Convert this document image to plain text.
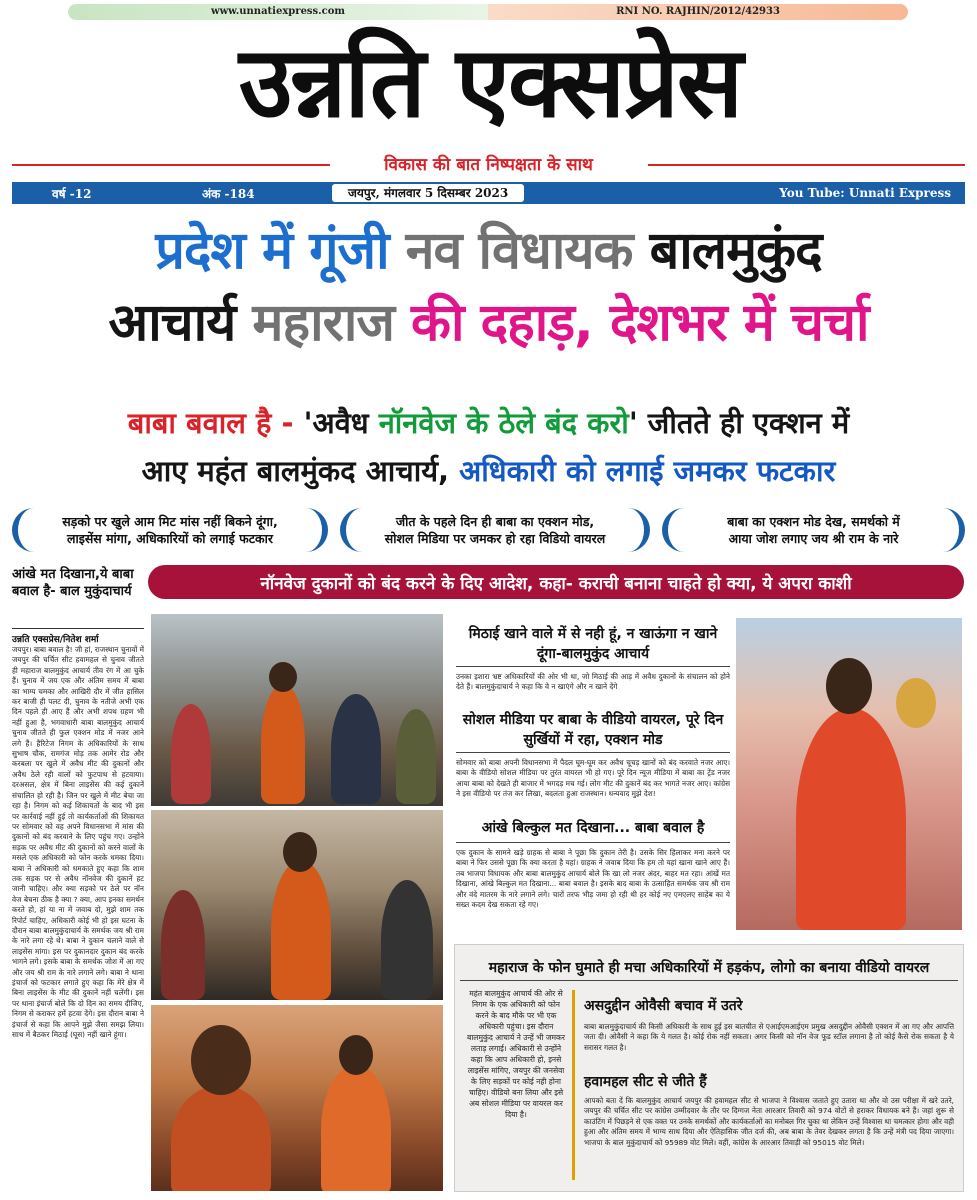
www.unnatiexpress.com	RNI NO. RAJHIN/2012/42933
उन्नति एक्सप्रेस
विकास की बात निष्पक्षता के साथ
वर्ष -12	अंक -184	जयपुर, मंगलवार 5 दिसम्बर 2023	You Tube: Unnati Express
प्रदेश में गूंजी नव विधायक बालमुकुंद
आचार्य महाराज की दहाड़, देशभर में चर्चा
बाबा बवाल है - 'अवैध नॉनवेज के ठेले बंद करो' जीतते ही एक्शन में
आए महंत बालमुंकद आचार्य, अधिकारी को लगाई जमकर फटकार
सड़को पर खुले आम मिट मांस नहीं बिकने दूंगा,
लाइसेंस मांगा, अधिकारियों को लगाई फटकार
जीत के पहले दिन ही बाबा का एक्शन मोड,
सोशल मिडिया पर जमकर हो रहा विडियो वायरल
बाबा का एक्शन मोड देख, समर्थको में
आया जोश लगाए जय श्री राम के नारे
आंखे मत दिखाना,ये बाबा बवाल है- बाल मुकुंदाचार्य
उन्नति एक्सप्रेस/नितेश शर्मा
जयपुर। बाबा बवाल है! जी हां, राजस्थान चुनावों में जयपुर की चर्चित सीट हवामहल से चुनाव जीतते ही महाराज बालमुकुंद आचार्य तीव रंग में आ चुके हैं। चुनाव में जय एक और अंतिम समय में बाबा का भाग्य चमका और आखिरी दौर में जीत हासिल कर बाजी ही पलट दी, चुनाव के नतीजे अभी एक दिन पहले ही आए हैं और अभी शपथ ग्रहण भी नहीं हुआ है, भगवाधारी बाबा बालमुकुंद आचार्य चुनाव जीतते ही फुल एक्शन मोड में नजर आने लगे हैं। हैरिटेज निगम के अधिकारियों के साथ सुभाष चौक, रामगंज मोड़ तक आमेर रोड और करबला पर खुले में अवैध मीट की दुकानों और अवैध ठेले रही वालों को फुटपाथ से हटवाया। दरअसल, क्षेत्र में बिना लाइसेंस की कई दुकानें संचालित हो रही है। जिन पर खुले में मीट बेचा जा रहा है। निगम को कई शिकायतों के बाद भी इस पर कार्रवाई नहीं हुई तो कार्यकर्ताओं की शिकायत पर सोमवार को वह अपने विधानसभा में मांस की दुकानों को बंद करवाने के लिए पहुंच गए। उन्होंने सड़क पर अवैध मीट की दुकानों को करने वालों के मसले एक अधिकारी को फोन करके धमका दिया। बाबा ने अधिकारी को धमकाते हुए कहा कि शाम तक सड़क पर से अवैध नॉनवेज की दुकानें हट जानी चाहिए। और क्या सड़को पर ठेले पर नॉन वेज बेचना ठीक है क्या ? क्या, आप इनका समर्थन करते हो, हां या ना में जवाब दो, मुझे शाम तक रिपोर्ट चाहिए, अधिकारी कोई भी हो इस घटना के दौरान बाबा बालमुकुंदाचार्य के समर्थक जय श्री राम के नारे लगा रहे थे। बाबा ने दुकान चलाने वाले से लाइसेंस मांगा। इस पर दुकानदार दुकान बंद करके भागने लगे। इसके बाबा के समर्थक जोश में आ गए और जय श्री राम के नारे लगाने लगे। बाबा ने थाना इंचार्ज को फटकार लगाते हुए कहा कि मेरे क्षेत्र में बिना लाइसेंस के मीट की दुकानें नहीं चलेंगी। इस पर थाना इंचार्ज बोले कि दो दिन का समय दीजिए, निगम से कराकर हमें हटवा देंगे। इस दौरान बाबा ने इंचार्ज से कहा कि आपने मुझे जैसा समझ लिया। साथ में बैठकर मिठाई (घूस) नहीं खाने हूंगा।
नॉनवेज दुकानों को बंद करने के दिए आदेश, कहा- कराची बनाना चाहते हो क्या, ये अपरा काशी
मिठाई खाने वाले में से नही हूं, न खाऊंगा न खाने दूंगा-बालमुकुंद आचार्य
उनका इशारा भ्रष्ट अधिकारियों की ओर भी था, जो मिठाई की आड़ में अवैध दुकानों के संचालन को होने देते हैं। बालमुकुंदाचार्य ने कहा कि वे न खाएंगे और न खाने देंगे
सोशल मीडिया पर बाबा के वीडियो वायरल, पूरे दिन सुर्खियों में रहा, एक्शन मोड
सोमवार को बाबा अपनी विधानसभा में पैदल घूम-घूम कर अवैध चूचड़ खानों को बंद करवाते नजर आए। बाबा के वीडियो सोशल मीडिया पर तुरंत वायरल भी हो गए। पूरे दिन न्यूज मीडिया में बाबा का ट्रेंड नजर आया बाबा को देखते ही बाजार में भगदड़ मच गई। लोग मीट की दुकानें बंद कर भागते नजर आए। कांग्रेस ने इस वीडियो पर तंज कर लिखा, बदलता हुआ राजस्थान। धन्यवाद मुझे देश!
आंखे बिल्कुल मत दिखाना... बाबा बवाल है
एक दुकान के सामने खड़े ग्राहक से बाबा ने पूछा कि दुकान तेरी है। उसके सिर हिलाकर मना करने पर बाबा ने फिर उससे पूछा कि क्या करता है यहां। ग्राहक ने जवाब दिया कि हम तो यहां खाना खाने आए हैं। तब भाजपा विधायक और बाबा बालमुकुंद आचार्य बोले कि खा लो नजर अंदर, बाहर मत रहा। आंखें मत दिखाना, आंखे बिल्कुल मत दिखाना... बाबा बवाल है। इसके बाद बाबा के उत्साहित समर्थक जय श्री राम और वंदे मातरम के नारे लगाने लगे। चारों तरफ भीड़ जमा हो रही थी हर कोई नए एमएलए साहेब का ये सख्त कदम देख सकता रहे गए।
महाराज के फोन घुमाते ही मचा अधिकारियों में हड़कंप, लोगो का बनाया वीडियो वायरल
महंत बालमुकुंद आचार्य की ओर से निगम के एक अधिकारी को फोन करने के बाद मौके पर भी एक अधिकारी पहुंचा। इस दौरान बालमुकुंद आचार्य ने उन्हें भी जमकर लताड़ लगाई। अधिकारी से उन्होंने कहा कि आप अधिकारी हो, इनसे लाइसेंस मांगिए, जयपुर की जनसेवा के लिए सड़कों पर कोई नही होना चाहिए। वीडियो बना लिया और इसे अब सोशल मीडिया पर वायरल कर दिया है।
असदुद्दीन ओवैसी बचाव में उतरे
बाबा बालमुकुंदाचार्य की किसी अधिकारी के साथ हुई इस बातचीत से एआईएमआईएम प्रमुख असदुद्दीन ओवैसी एक्शन में आ गए और आपत्ति जता दी। ओवैसी ने कहा कि ये गलत है। कोई रोक नहीं सकता। अगर किसी को नॉन वेज फूड स्टॉल लगाना है तो कोई कैसे रोक सकता है ये सरासर गलत है।
हवामहल सीट से जीते हैं
आपको बता दें कि बालमुकुंद आचार्य जयपुर की हवामहल सीट से भाजपा ने विश्वास जताते हुए उतारा था और वो उस परीक्षा में खरे उतरे, जयपुर की चर्चित सीट पर कांग्रेस उम्मीदवार के तौर पर दिग्गज नेता आरआर तिवारी को 974 वोटों से हराकर विधायक बने हैं। जहां शुरू से काउंटिंग में पिछड़ने से एक वक्त पर उनके समर्थकों और कार्यकर्ताओं का मनोबल गिर चुका था लेकिन उन्हें विश्वास था चमत्कार होगा और वही हुआ और अंतिम समय में भाग्य साथ दिया और ऐतिहासिक जीत दर्ज की, अब बाबा के तेवर देखकर लगता है कि उन्हें मंत्री पद दिया जाएगा। भाजपा के बाल मुकुंदाचार्य को 95989 वोट मिले। वहीं, कांग्रेस के आरआर तिवाड़ी को 95015 वोट मिले।
